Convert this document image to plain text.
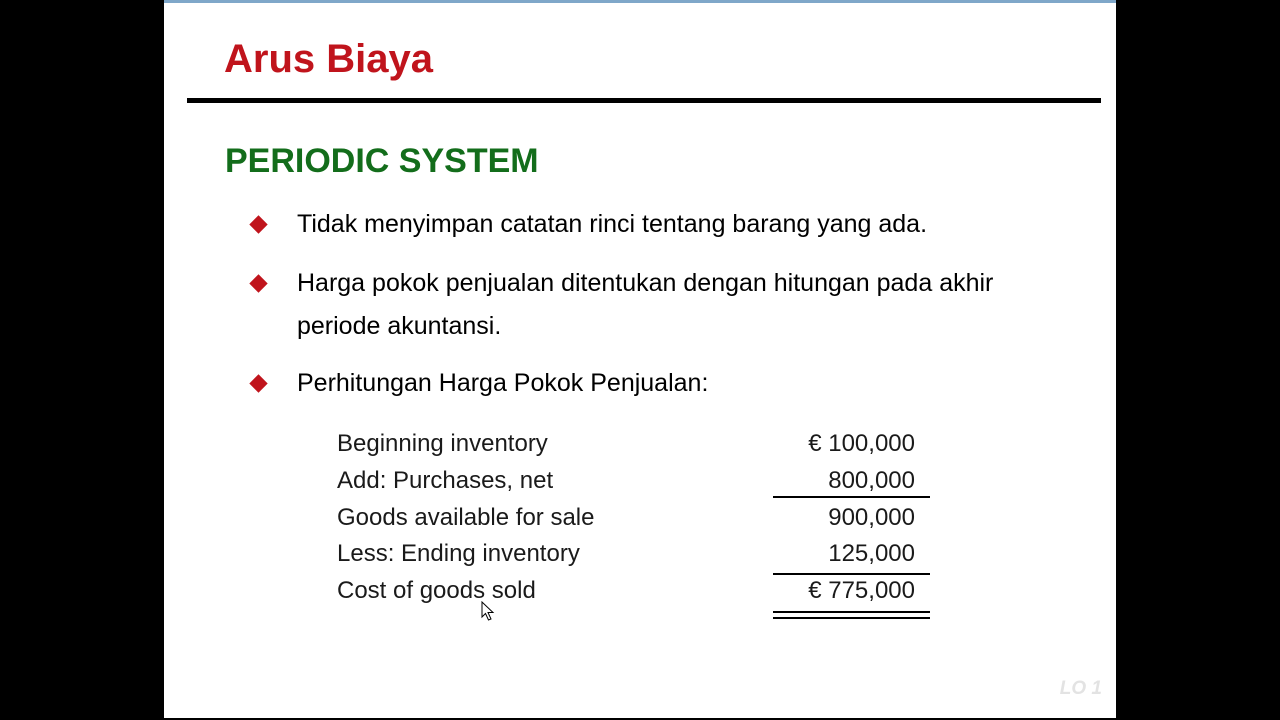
Arus Biaya
PERIODIC SYSTEM
Tidak menyimpan catatan rinci tentang barang yang ada.
Harga pokok penjualan ditentukan dengan hitungan pada akhir periode akuntansi.
Perhitungan Harga Pokok Penjualan:
Beginning inventory	€ 100,000
Add: Purchases, net	800,000
Goods available for sale	900,000
Less: Ending inventory	125,000
Cost of goods sold	€ 775,000
LO 1
